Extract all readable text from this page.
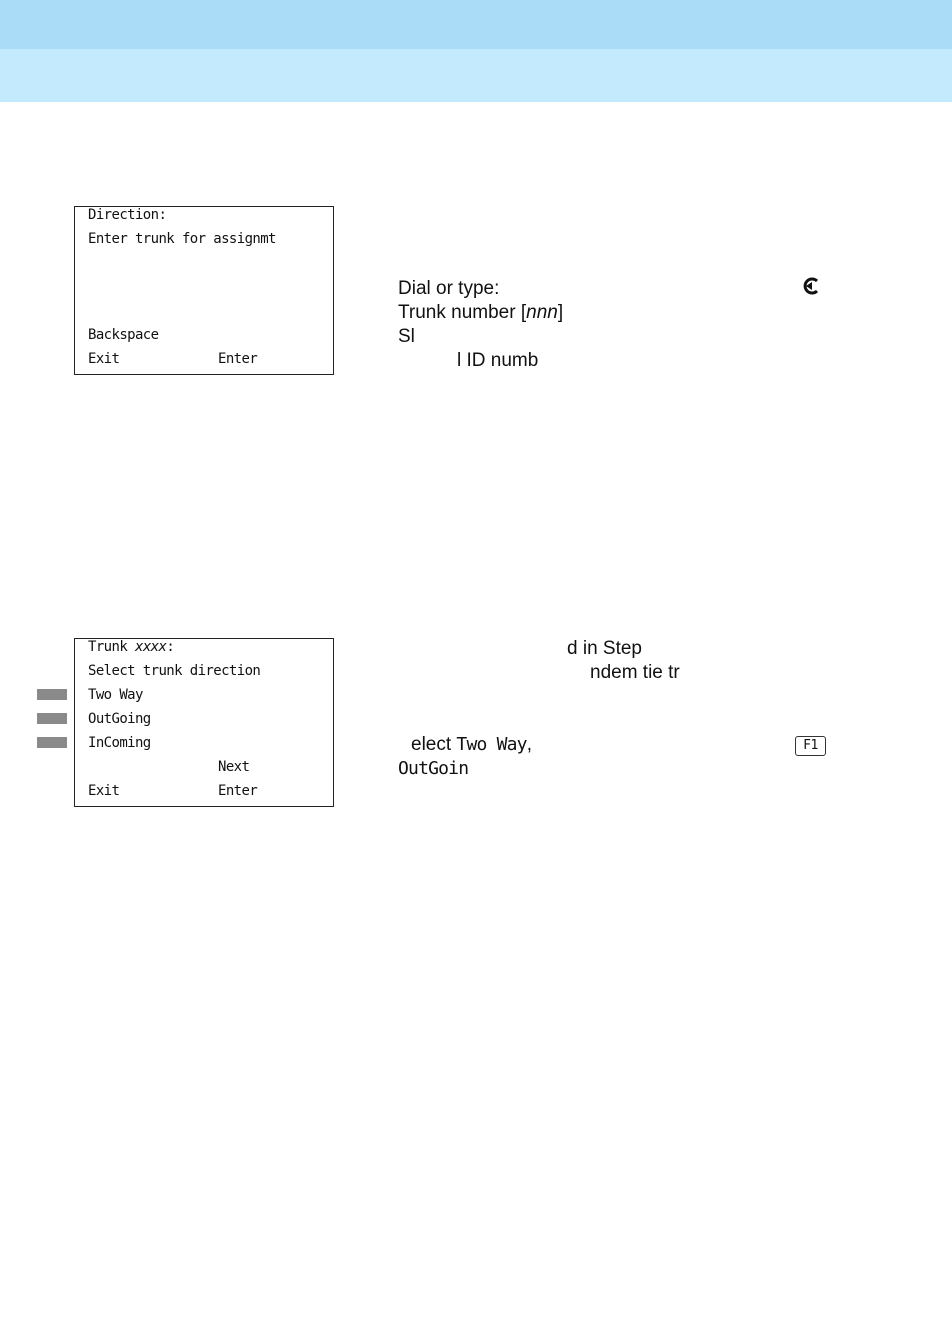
Direction:
Enter trunk for assignmt
Backspace
Exit	Enter
Trunk xxxx:
Select trunk direction
Two Way
OutGoing
InComing
Next
Exit	Enter
Dial or type:
Trunk number [nnn]
Sl
l ID numb
d in Step
ndem tie tr
elect Two Way,
OutGoin
F1
